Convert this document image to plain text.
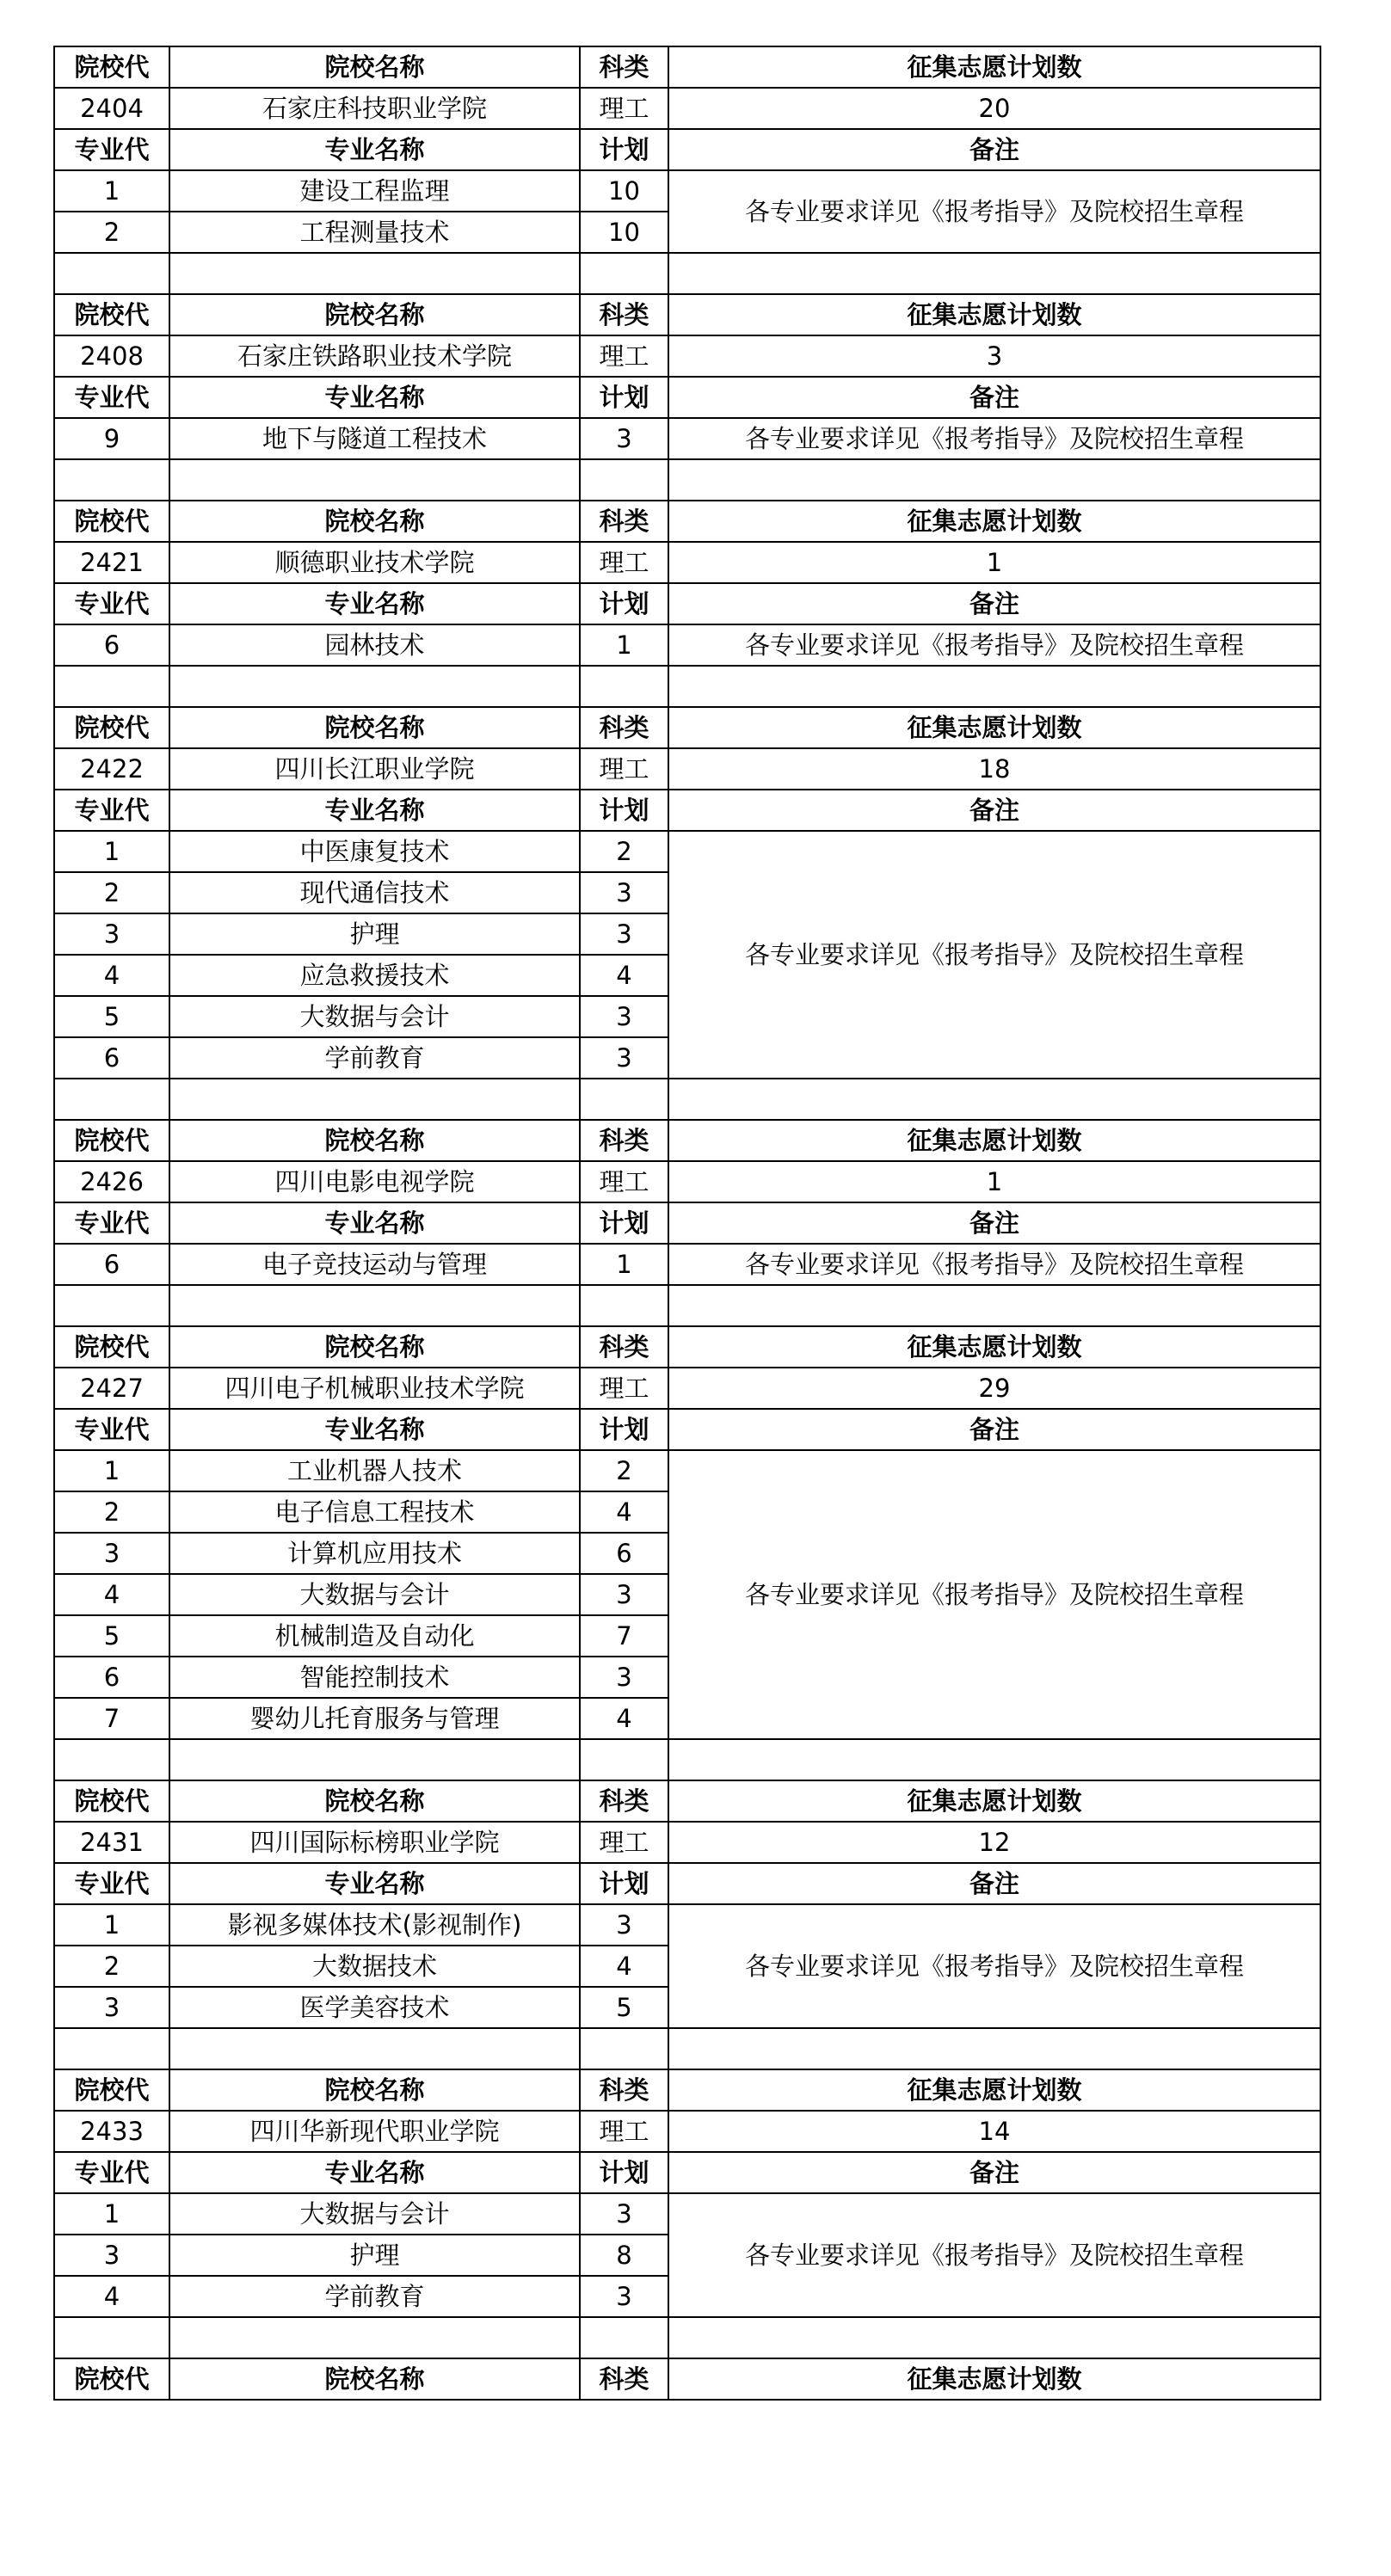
院校代	院校名称	科类	征集志愿计划数
2404	石家庄科技职业学院	理工	20
专业代	专业名称	计划	备注
1	建设工程监理	10	各专业要求详见《报考指导》及院校招生章程
2	工程测量技术	10	

院校代	院校名称	科类	征集志愿计划数
2408	石家庄铁路职业技术学院	理工	3
专业代	专业名称	计划	备注
9	地下与隧道工程技术	3	各专业要求详见《报考指导》及院校招生章程

院校代	院校名称	科类	征集志愿计划数
2421	顺德职业技术学院	理工	1
专业代	专业名称	计划	备注
6	园林技术	1	各专业要求详见《报考指导》及院校招生章程

院校代	院校名称	科类	征集志愿计划数
2422	四川长江职业学院	理工	18
专业代	专业名称	计划	备注
1	中医康复技术	2	各专业要求详见《报考指导》及院校招生章程
2	现代通信技术	3	
3	护理	3	
4	应急救援技术	4	
5	大数据与会计	3	
6	学前教育	3	

院校代	院校名称	科类	征集志愿计划数
2426	四川电影电视学院	理工	1
专业代	专业名称	计划	备注
6	电子竞技运动与管理	1	各专业要求详见《报考指导》及院校招生章程

院校代	院校名称	科类	征集志愿计划数
2427	四川电子机械职业技术学院	理工	29
专业代	专业名称	计划	备注
1	工业机器人技术	2	各专业要求详见《报考指导》及院校招生章程
2	电子信息工程技术	4	
3	计算机应用技术	6	
4	大数据与会计	3	
5	机械制造及自动化	7	
6	智能控制技术	3	
7	婴幼儿托育服务与管理	4	

院校代	院校名称	科类	征集志愿计划数
2431	四川国际标榜职业学院	理工	12
专业代	专业名称	计划	备注
1	影视多媒体技术(影视制作)	3	各专业要求详见《报考指导》及院校招生章程
2	大数据技术	4	
3	医学美容技术	5	

院校代	院校名称	科类	征集志愿计划数
2433	四川华新现代职业学院	理工	14
专业代	专业名称	计划	备注
1	大数据与会计	3	各专业要求详见《报考指导》及院校招生章程
3	护理	8	
4	学前教育	3	

院校代	院校名称	科类	征集志愿计划数
